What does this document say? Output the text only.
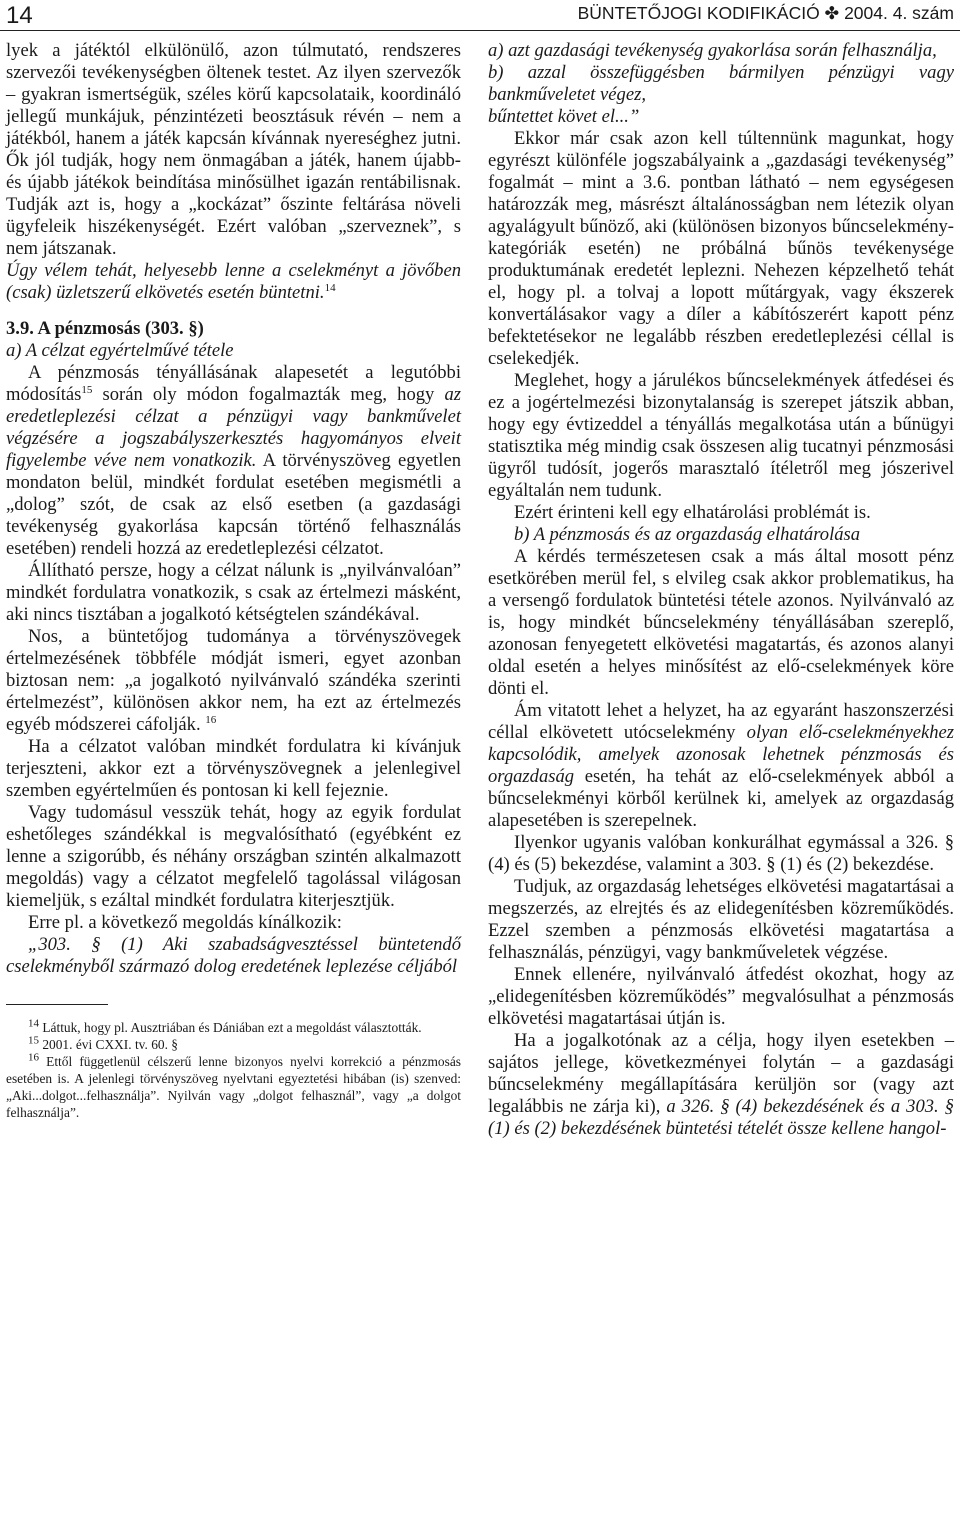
14	BÜNTETŐJOGI KODIFIKÁCIÓ ✤ 2004. 4. szám

lyek a játéktól elkülönülő, azon túlmutató, rendszeres szervezői tevékenységben öltenek testet. Az ilyen szervezők – gyakran ismertségük, széles körű kapcsolataik, koordináló jellegű munkájuk, pénzintézeti beosztásuk révén – nem a játékból, hanem a játék kapcsán kívánnak nyereséghez jutni. Ők jól tudják, hogy nem önmagában a játék, hanem újabb- és újabb játékok beindítása minősülhet igazán rentábilisnak. Tudják azt is, hogy a „kockázat” őszinte feltárása növeli ügyfeleik hiszékenységét. Ezért valóban „szerveznek”, s nem játszanak.

Úgy vélem tehát, helyesebb lenne a cselekményt a jövőben (csak) üzletszerű elkövetés esetén büntetni.$^{14}$

3.9. A pénzmosás (303. §)

a) A célzat egyértelművé tétele

A pénzmosás tényállásának alapesetét a legutóbbi módosítás$^{15}$ során oly módon fogalmazták meg, hogy az eredetleplezési célzat a pénzügyi vagy bankművelet végzésére a jogszabályszerkesztés hagyományos elveit figyelembe véve nem vonatkozik. A törvényszöveg egyetlen mondaton belül, mindkét fordulat esetében megismétli a „dolog” szót, de csak az első esetben (a gazdasági tevékenység gyakorlása kapcsán történő felhasználás esetében) rendeli hozzá az eredetleplezési célzatot.

Állítható persze, hogy a célzat nálunk is „nyilvánvalóan” mindkét fordulatra vonatkozik, s csak az értelmezi másként, aki nincs tisztában a jogalkotó kétségtelen szándékával.

Nos, a büntetőjog tudománya a törvényszövegek értelmezésének többféle módját ismeri, egyet azonban biztosan nem: „a jogalkotó nyilvánvaló szándéka szerinti értelmezést”, különösen akkor nem, ha ezt az értelmezés egyéb módszerei cáfolják. $^{16}$

Ha a célzatot valóban mindkét fordulatra ki kívánjuk terjeszteni, akkor ezt a törvényszövegnek a jelenlegivel szemben egyértelműen és pontosan ki kell fejeznie.

Vagy tudomásul vesszük tehát, hogy az egyik fordulat eshetőleges szándékkal is megvalósítható (egyébként ez lenne a szigorúbb, és néhány országban szintén alkalmazott megoldás) vagy a célzatot megfelelő tagolással világosan kiemeljük, s ezáltal mindkét fordulatra kiterjesztjük.

Erre pl. a következő megoldás kínálkozik:

„303. § (1) Aki szabadságvesztéssel büntetendő cselekményből származó dolog eredetének leplezése céljából

$^{14}$ Láttuk, hogy pl. Ausztriában és Dániában ezt a megoldást választották.

$^{15}$ 2001. évi CXXI. tv. 60. §

$^{16}$ Ettől függetlenül célszerű lenne bizonyos nyelvi korrekció a pénzmosás esetében is. A jelenlegi törvényszöveg nyelvtani egyeztetési hibában (is) szenved: „Aki...dolgot...felhasználja”. Nyilván vagy „dolgot felhasznál”, vagy „a dolgot felhasználja”.

a) azt gazdasági tevékenység gyakorlása során felhasználja,

b) azzal összefüggésben bármilyen pénzügyi vagy bankműveletet végez,

bűntettet követ el...”

Ekkor már csak azon kell túltennünk magunkat, hogy egyrészt különféle jogszabályaink a „gazdasági tevékenység” fogalmát – mint a 3.6. pontban látható – nem egységesen határozzák meg, másrészt általánosságban nem létezik olyan agyalágyult bűnöző, aki (különösen bizonyos bűncselekmény-kategóriák esetén) ne próbálná bűnös tevékenysége produktumának eredetét leplezni. Nehezen képzelhető tehát el, hogy pl. a tolvaj a lopott műtárgyak, vagy ékszerek konvertálásakor vagy a díler a kábítószerért kapott pénz befektetésekor ne legalább részben eredetleplezési céllal is cselekedjék.

Meglehet, hogy a járulékos bűncselekmények átfedései és ez a jogértelmezési bizonytalanság is szerepet játszik abban, hogy egy évtizeddel a tényállás megalkotása után a bűnügyi statisztika még mindig csak összesen alig tucatnyi pénzmosási ügyről tudósít, jogerős marasztaló ítéletről meg jószerivel egyáltalán nem tudunk.

Ezért érinteni kell egy elhatárolási problémát is.

b) A pénzmosás és az orgazdaság elhatárolása

A kérdés természetesen csak a más által mosott pénz esetkörében merül fel, s elvileg csak akkor problematikus, ha a versengő fordulatok büntetési tétele azonos. Nyilvánvaló az is, hogy mindkét bűncselekmény tényállásában szereplő, azonosan fenyegetett elkövetési magatartás, és azonos alanyi oldal esetén a helyes minősítést az elő-cselekmények köre dönti el.

Ám vitatott lehet a helyzet, ha az egyaránt haszonszerzési céllal elkövetett utócselekmény olyan elő-cselekményekhez kapcsolódik, amelyek azonosak lehetnek pénzmosás és orgazdaság esetén, ha tehát az elő-cselekmények abból a bűncselekményi körből kerülnek ki, amelyek az orgazdaság alapesetében is szerepelnek.

Ilyenkor ugyanis valóban konkurálhat egymással a 326. § (4) és (5) bekezdése, valamint a 303. § (1) és (2) bekezdése.

Tudjuk, az orgazdaság lehetséges elkövetési magatartásai a megszerzés, az elrejtés és az elidegenítésben közreműködés. Ezzel szemben a pénzmosás elkövetési magatartása a felhasználás, pénzügyi, vagy bankműveletek végzése.

Ennek ellenére, nyilvánvaló átfedést okozhat, hogy az „elidegenítésben közreműködés” megvalósulhat a pénzmosás elkövetési magatartásai útján is.

Ha a jogalkotónak az a célja, hogy ilyen esetekben – sajátos jellege, következményei folytán – a gazdasági bűncselekmény megállapítására kerüljön sor (vagy azt legalábbis ne zárja ki), a 326. § (4) bekezdésének és a 303. § (1) és (2) bekezdésének büntetési tételét össze kellene hangol-
